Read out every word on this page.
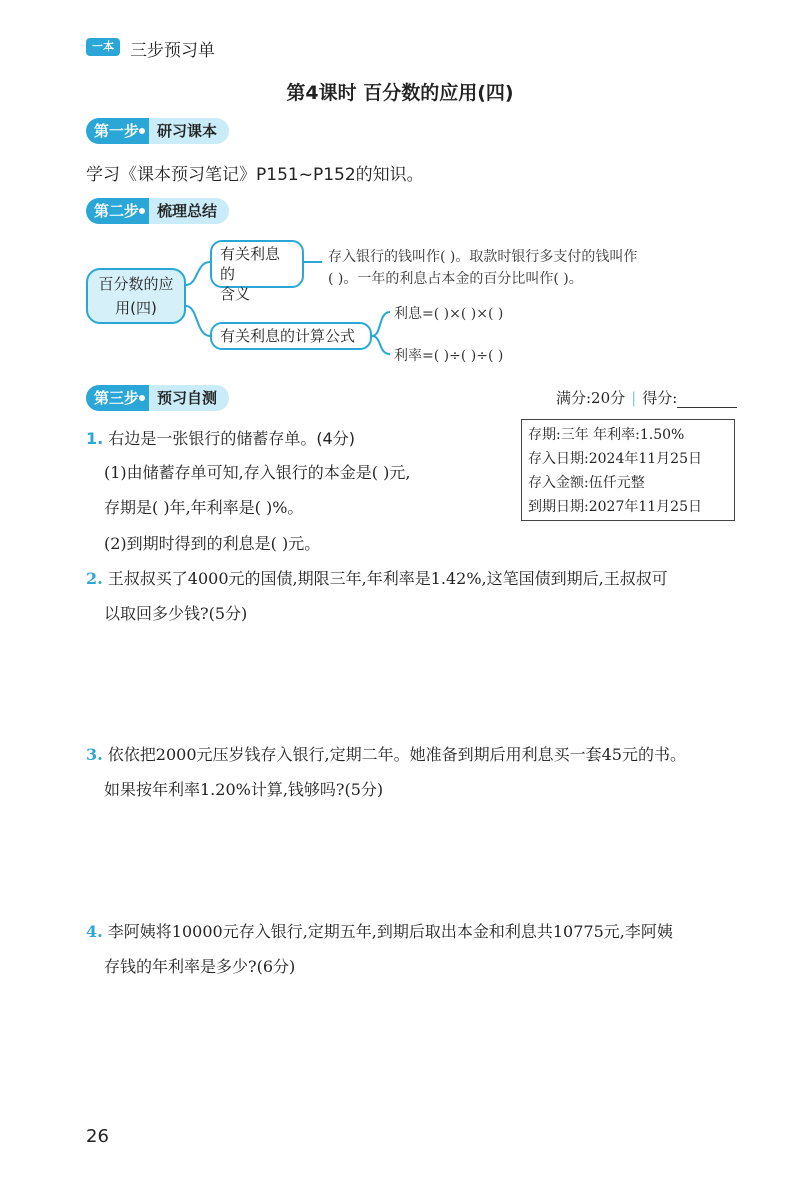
一本 三步预习单
第4课时 百分数的应用(四)
第一步	研习课本
学习《课本预习笔记》P151~P152的知识。
第二步	梳理总结
百分数的应
用(四)
有关利息的
含义
存入银行的钱叫作( )。取款时银行多支付的钱叫作
( )。一年的利息占本金的百分比叫作( )。
有关利息的计算公式
利息=( )×( )×( )
利率=( )÷( )÷( )
第三步	预习自测	满分:20分 | 得分:
存期:三年 年利率:1.50%
存入日期:2024年11月25日
存入金额:伍仟元整
到期日期:2027年11月25日
1. 右边是一张银行的储蓄存单。(4分)
(1)由储蓄存单可知,存入银行的本金是( )元,
存期是( )年,年利率是( )%。
(2)到期时得到的利息是( )元。
2. 王叔叔买了4000元的国债,期限三年,年利率是1.42%,这笔国债到期后,王叔叔可
以取回多少钱?(5分)
3. 依依把2000元压岁钱存入银行,定期二年。她准备到期后用利息买一套45元的书。
如果按年利率1.20%计算,钱够吗?(5分)
4. 李阿姨将10000元存入银行,定期五年,到期后取出本金和利息共10775元,李阿姨
存钱的年利率是多少?(6分)
26
